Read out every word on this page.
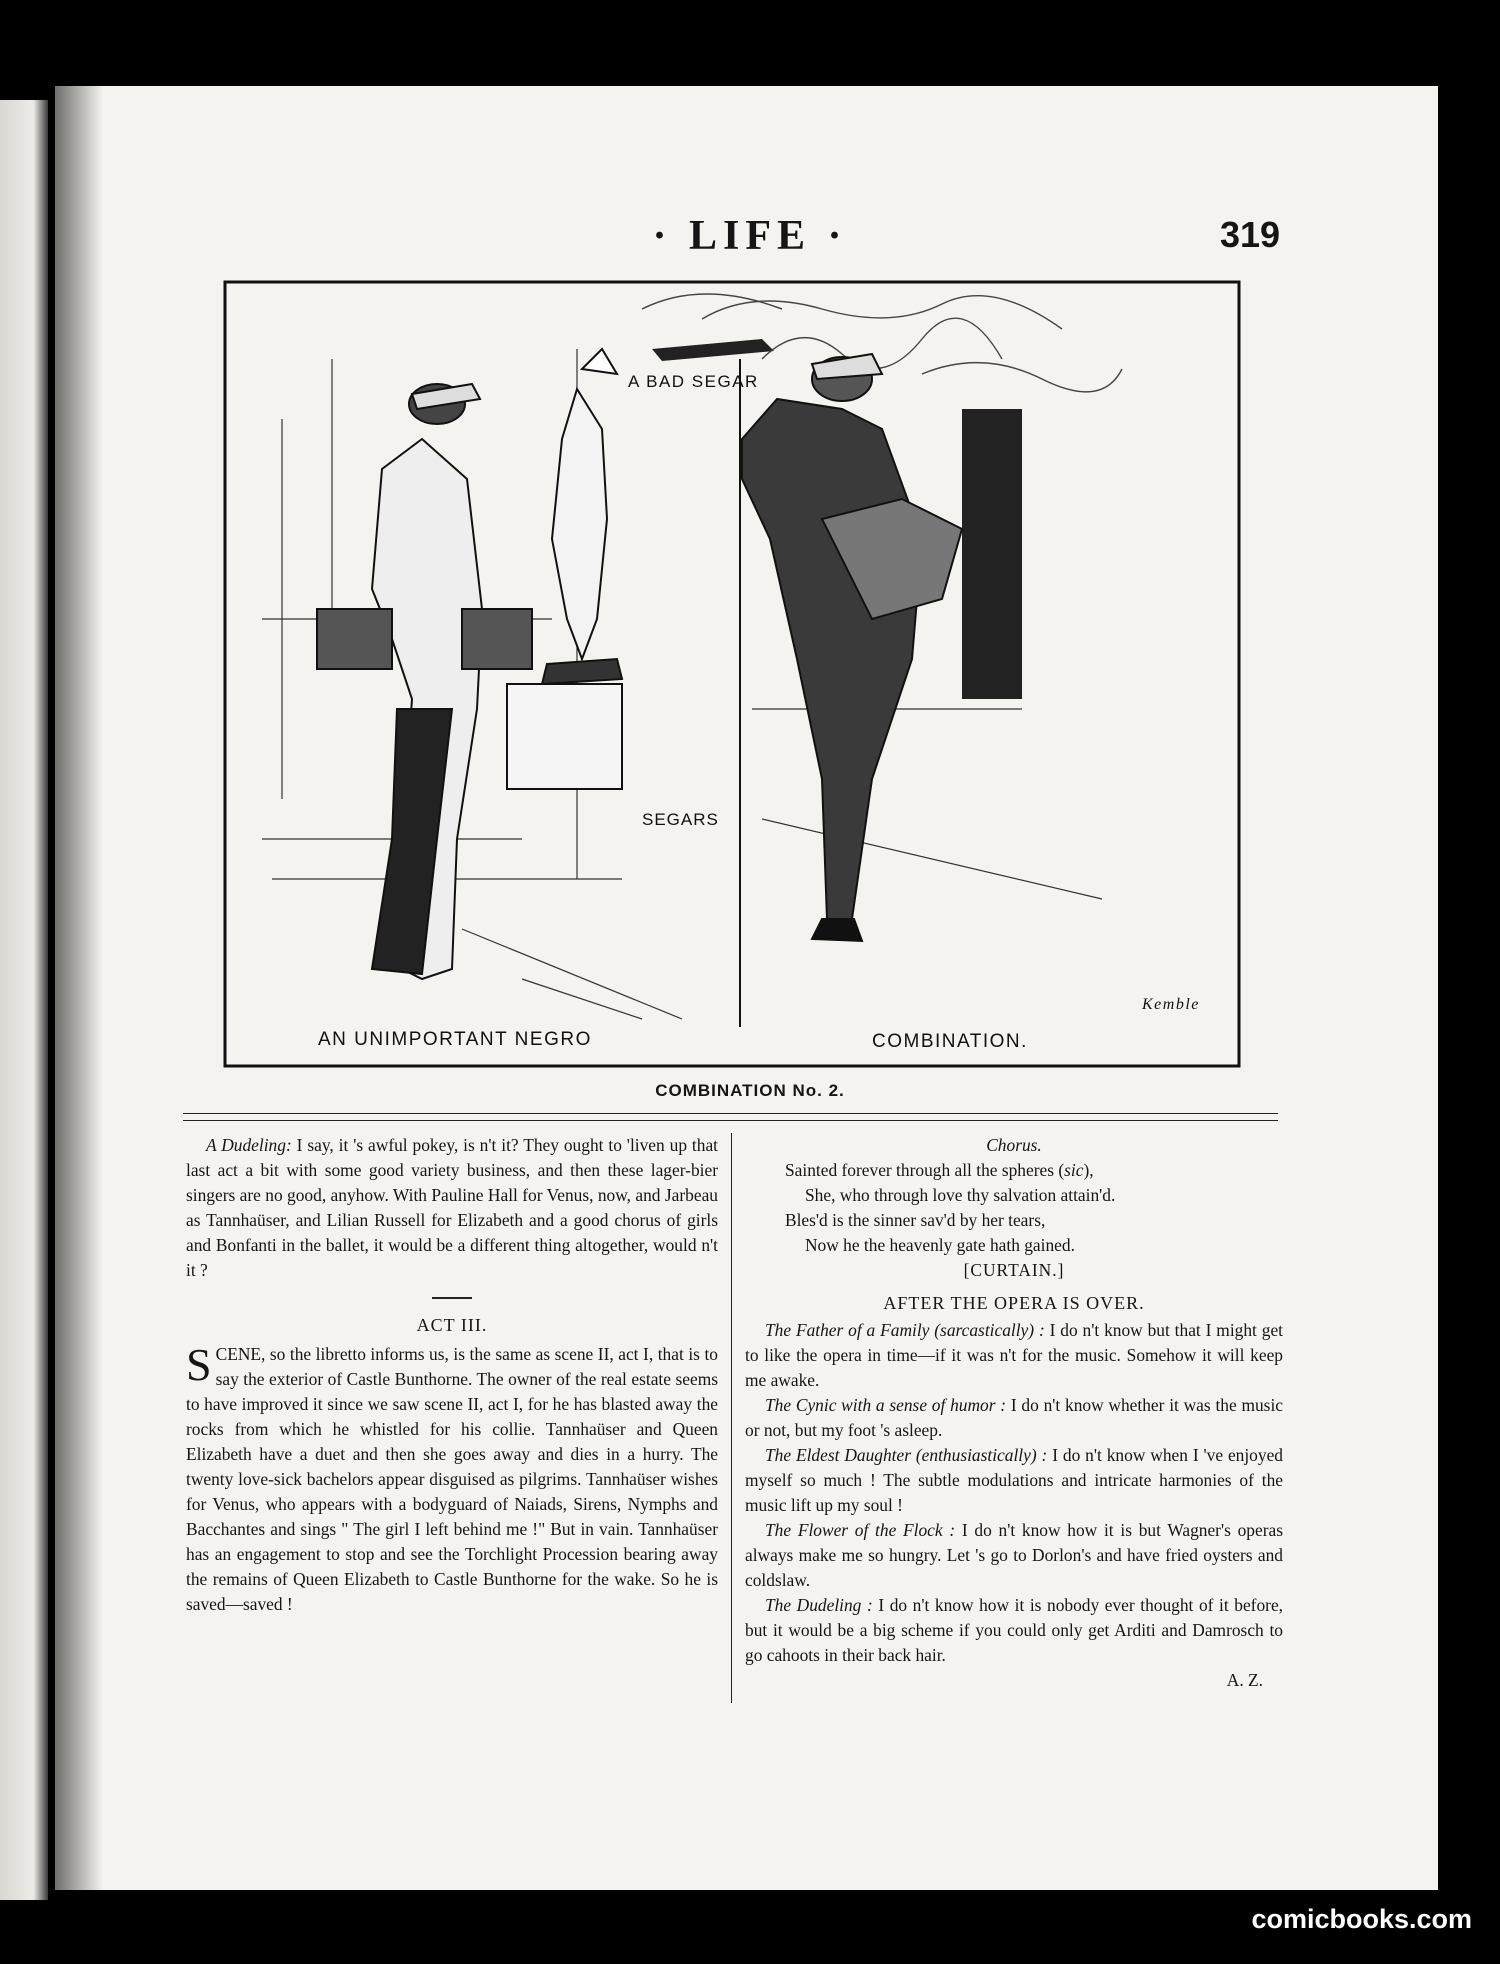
· LIFE ·	319
A BAD SEGAR
SEGARS
AN UNIMPORTANT NEGRO	COMBINATION.
Kemble
COMBINATION No. 2.

A Dudeling: I say, it 's awful pokey, is n't it? They ought to 'liven up that last act a bit with some good variety business, and then these lager-bier singers are no good, anyhow. With Pauline Hall for Venus, now, and Jarbeau as Tannhaüser, and Lilian Russell for Elizabeth and a good chorus of girls and Bonfanti in the ballet, it would be a different thing altogether, would n't it ?

ACT III.

SCENE, so the libretto informs us, is the same as scene II, act I, that is to say the exterior of Castle Bunthorne. The owner of the real estate seems to have improved it since we saw scene II, act I, for he has blasted away the rocks from which he whistled for his collie. Tannhaüser and Queen Elizabeth have a duet and then she goes away and dies in a hurry. The twenty love-sick bachelors appear disguised as pilgrims. Tannhaüser wishes for Venus, who appears with a bodyguard of Naiads, Sirens, Nymphs and Bacchantes and sings " The girl I left behind me !" But in vain. Tannhaüser has an engagement to stop and see the Torchlight Procession bearing away the remains of Queen Elizabeth to Castle Bunthorne for the wake. So he is saved—saved !

Chorus.
Sainted forever through all the spheres (sic),
She, who through love thy salvation attain'd.
Bles'd is the sinner sav'd by her tears,
Now he the heavenly gate hath gained.
[CURTAIN.]
AFTER THE OPERA IS OVER.

The Father of a Family (sarcastically) : I do n't know but that I might get to like the opera in time—if it was n't for the music. Somehow it will keep me awake.

The Cynic with a sense of humor : I do n't know whether it was the music or not, but my foot 's asleep.

The Eldest Daughter (enthusiastically) : I do n't know when I 've enjoyed myself so much ! The subtle modulations and intricate harmonies of the music lift up my soul !

The Flower of the Flock : I do n't know how it is but Wagner's operas always make me so hungry. Let 's go to Dorlon's and have fried oysters and coldslaw.

The Dudeling : I do n't know how it is nobody ever thought of it before, but it would be a big scheme if you could only get Arditi and Damrosch to go cahoots in their back hair.

A. Z.
comicbooks.com
